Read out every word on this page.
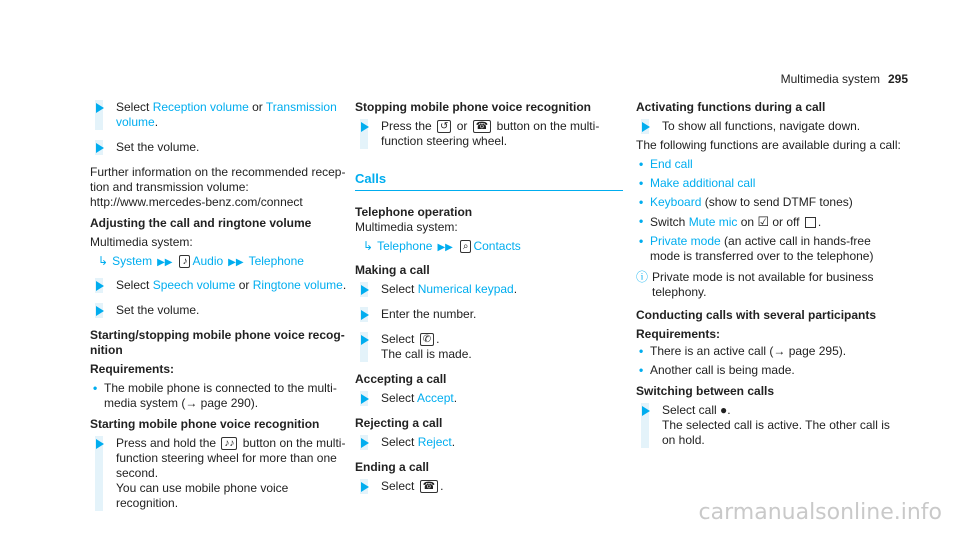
Multimedia system 295
Select Reception volume or Transmission volume.
Set the volume.

Further information on the recommended reception and transmission volume: http://www.mercedes-benz.com/connect

Adjusting the call and ringtone volume

Multimedia system:

↳ System ▶▶ ♪ Audio ▶▶ Telephone
Select Speech volume or Ringtone volume.
Set the volume.
Starting/stopping mobile phone voice recognition
Requirements:
• The mobile phone is connected to the multimedia system (→ page 290).
Starting mobile phone voice recognition
Press and hold the ♪♪ button on the multifunction steering wheel for more than one second.
You can use mobile phone voice recognition.
Stopping mobile phone voice recognition
Press the ↺ or ☎ button on the multifunction steering wheel.
Calls
Telephone operation

Multimedia system:

↳ Telephone ▶▶ ⌕ Contacts
Making a call
Select Numerical keypad.
Enter the number.
Select ✆ .
The call is made.
Accepting a call
Select Accept.
Rejecting a call
Select Reject.
Ending a call
Select ☎ .
Activating functions during a call
To show all functions, navigate down.

The following functions are available during a call:

• End call
• Make additional call
• Keyboard (show to send DTMF tones)
• Switch Mute mic on ☑ or off .
• Private mode (an active call in hands-free mode is transferred over to the telephone)
ⓘ Private mode is not available for business telephony.
Conducting calls with several participants
Requirements:
• There is an active call (→ page 295).
• Another call is being made.
Switching between calls
Select call ●.
The selected call is active. The other call is on hold.
carmanualsonline.info
